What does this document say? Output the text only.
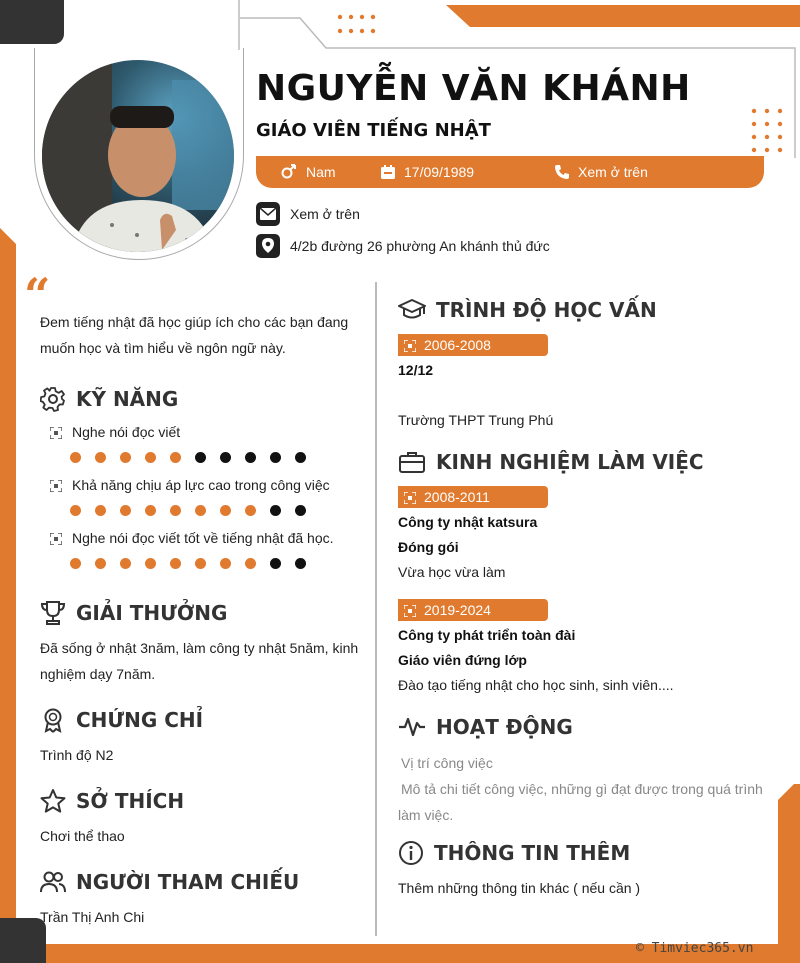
NGUYỄN VĂN KHÁNH
GIÁO VIÊN TIẾNG NHẬT
Nam	17/09/1989	Xem ở trên
Xem ở trên
4/2b đường 26 phường An khánh thủ đức
“
Đem tiếng nhật đã học giúp ích cho các bạn đang muốn học và tìm hiểu về ngôn ngữ này.
KỸ NĂNG
Nghe nói đọc viết
Khả năng chịu áp lực cao trong công việc
Nghe nói đọc viết tốt về tiếng nhật đã học.
GIẢI THƯỞNG
Đã sống ở nhật 3năm, làm công ty nhật 5năm, kinh nghiệm dạy 7năm.
CHỨNG CHỈ
Trình độ N2
SỞ THÍCH
Chơi thể thao
NGƯỜI THAM CHIẾU
Trần Thị Anh Chi
TRÌNH ĐỘ HỌC VẤN
2006-2008
12/12
Trường THPT Trung Phú
KINH NGHIỆM LÀM VIỆC
2008-2011
Công ty nhật katsura
Đóng gói
Vừa học vừa làm
2019-2024
Công ty phát triển toàn đài
Giáo viên đứng lớp
Đào tạo tiếng nhật cho học sinh, sinh viên....
HOẠT ĐỘNG
Vị trí công việc
Mô tả chi tiết công việc, những gì đạt được trong quá trình làm việc.
THÔNG TIN THÊM
Thêm những thông tin khác ( nếu cần )
© Timviec365.vn
